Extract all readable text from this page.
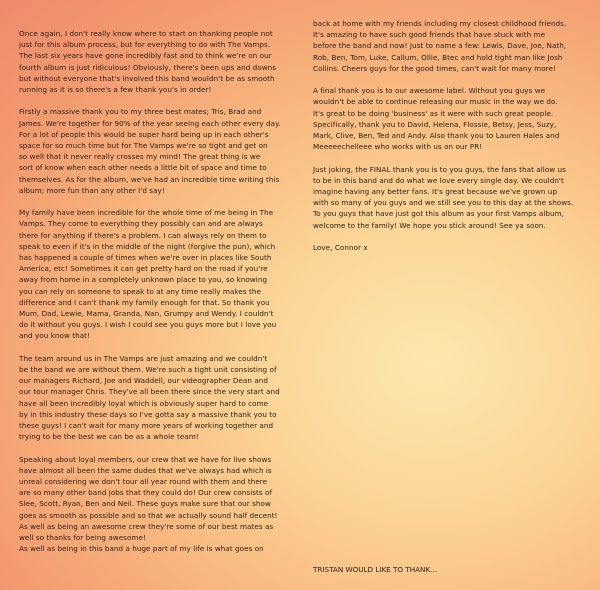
Once again, I don't really know where to start on thanking people not
just for this album process, but for everything to do with The Vamps.
The last six years have gone incredibly fast and to think we're on our
fourth album is just ridiculous! Obviously, there's been ups and downs
but without everyone that's involved this band wouldn't be as smooth
running as it is so there's a few thank you's in order!

Firstly a massive thank you to my three best mates; Tris, Brad and
James. We're together for 90% of the year seeing each other every day.
For a lot of people this would be super hard being up in each other's
space for so much time but for The Vamps we're so tight and get on
so well that it never really crosses my mind! The great thing is we
sort of know when each other needs a little bit of space and time to
themselves. As for the album, we've had an incredible time writing this
album; more fun than any other I'd say!

My family have been incredible for the whole time of me being in The
Vamps. They come to everything they possibly can and are always
there for anything if there's a problem. I can always rely on them to
speak to even if it's in the middle of the night (forgive the pun), which
has happened a couple of times when we're over in places like South
America, etc! Sometimes it can get pretty hard on the road if you're
away from home in a completely unknown place to you, so knowing
you can rely on someone to speak to at any time really makes the
difference and I can't thank my family enough for that. So thank you
Mum, Dad, Lewie, Mama, Granda, Nan, Grumpy and Wendy. I couldn't
do it without you guys. I wish I could see you guys more but I love you
and you know that!

The team around us in The Vamps are just amazing and we couldn't
be the band we are without them. We're such a tight unit consisting of
our managers Richard, Joe and Waddell, our videographer Dean and
our tour manager Chris. They've all been there since the very start and
have all been incredibly loyal which is obviously super hard to come
by in this industry these days so I've gotta say a massive thank you to
these guys! I can't wait for many more years of working together and
trying to be the best we can be as a whole team!

Speaking about loyal members, our crew that we have for live shows
have almost all been the same dudes that we've always had which is
unreal considering we don't tour all year round with them and there
are so many other band jobs that they could do! Our crew consists of
Slee, Scott, Ryan, Ben and Neil. These guys make sure that our show
goes as smooth as possible and so that we actually sound half decent!
As well as being an awesome crew they're some of our best mates as
well so thanks for being awesome!
As well as being in this band a huge part of my life is what goes on

back at home with my friends including my closest childhood friends.
It's amazing to have such good friends that have stuck with me
before the band and now! Just to name a few: Lewis, Dave, Joe, Nath,
Rob, Ben, Tom, Luke, Callum, Ollie, Btec and hold tight man like Josh
Collins. Cheers guys for the good times, can't wait for many more!

A final thank you is to our awesome label. Without you guys we
wouldn't be able to continue releasing our music in the way we do.
It's great to be doing 'business' as it were with such great people.
Specifically, thank you to David, Helena, Flossie, Betsy, Jess, Suzy,
Mark, Clive, Ben, Ted and Andy. Also thank you to Lauren Hales and
Meeeeechelleee who works with us on our PR!

Just joking, the FINAL thank you is to you guys, the fans that allow us
to be in this band and do what we love every single day. We couldn't
imagine having any better fans. It's great because we've grown up
with so many of you guys and we still see you to this day at the shows.
To you guys that have just got this album as your first Vamps album,
welcome to the family! We hope you stick around! See ya soon.

Love, Connor x

TRISTAN WOULD LIKE TO THANK...
